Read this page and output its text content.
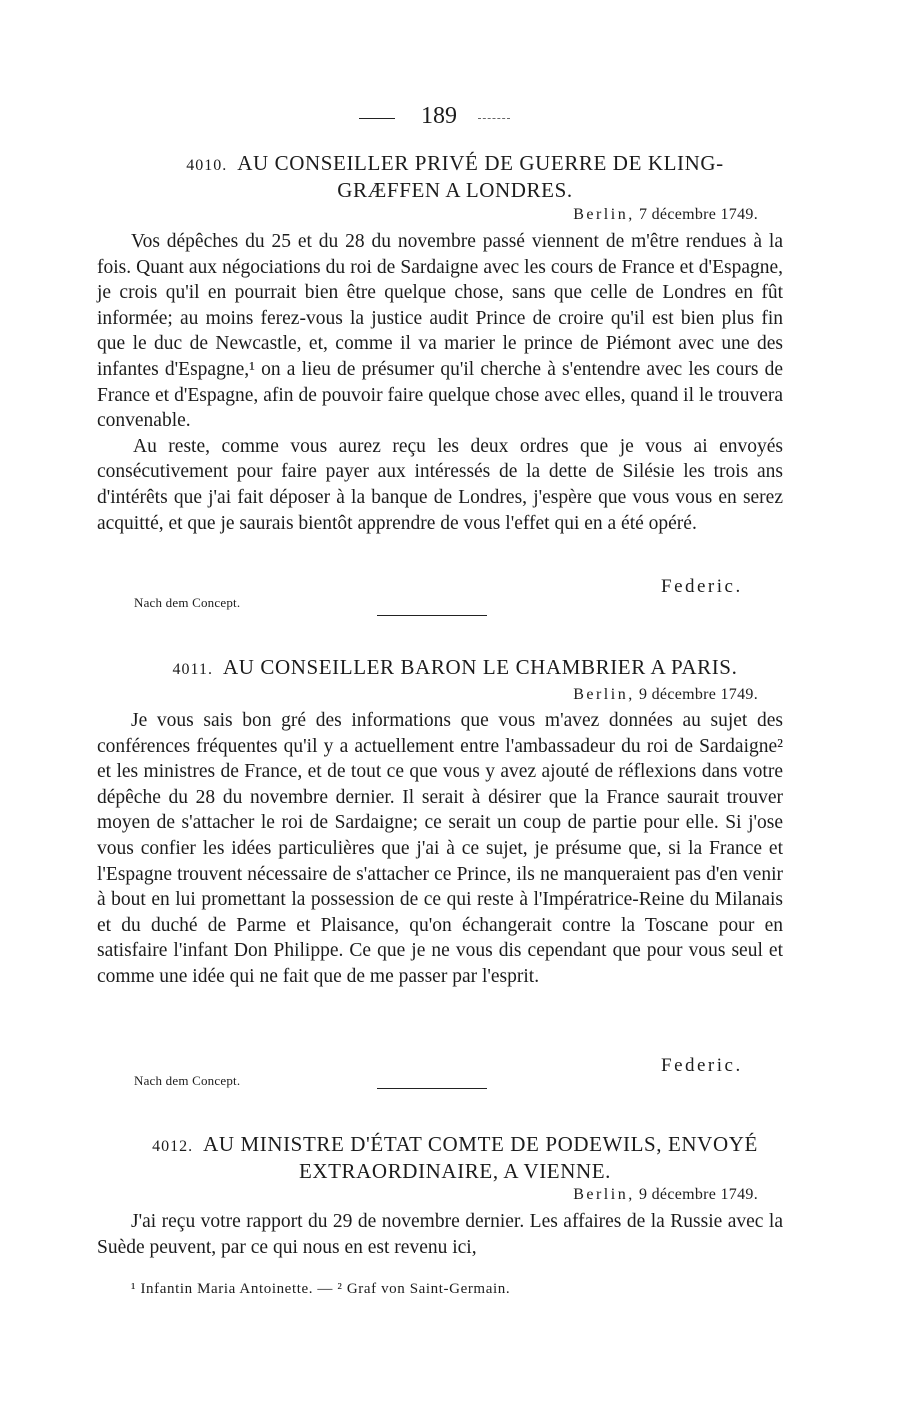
189
4010. AU CONSEILLER PRIVÉ DE GUERRE DE KLING-
GRÆFFEN A LONDRES.
Berlin, 7 décembre 1749.

Vos dépêches du 25 et du 28 du novembre passé viennent de m'être rendues à la fois. Quant aux négociations du roi de Sardaigne avec les cours de France et d'Espagne, je crois qu'il en pourrait bien être quelque chose, sans que celle de Londres en fût informée; au moins ferez-vous la justice audit Prince de croire qu'il est bien plus fin que le duc de Newcastle, et, comme il va marier le prince de Piémont avec une des infantes d'Espagne,¹ on a lieu de présumer qu'il cherche à s'entendre avec les cours de France et d'Espagne, afin de pouvoir faire quelque chose avec elles, quand il le trouvera convenable.

Au reste, comme vous aurez reçu les deux ordres que je vous ai envoyés consécutivement pour faire payer aux intéressés de la dette de Silésie les trois ans d'intérêts que j'ai fait déposer à la banque de Londres, j'espère que vous vous en serez acquitté, et que je saurais bientôt apprendre de vous l'effet qui en a été opéré.

Federic.
Nach dem Concept.
4011. AU CONSEILLER BARON LE CHAMBRIER A PARIS.
Berlin, 9 décembre 1749.

Je vous sais bon gré des informations que vous m'avez données au sujet des conférences fréquentes qu'il y a actuellement entre l'ambassadeur du roi de Sardaigne² et les ministres de France, et de tout ce que vous y avez ajouté de réflexions dans votre dépêche du 28 du novembre dernier. Il serait à désirer que la France saurait trouver moyen de s'attacher le roi de Sardaigne; ce serait un coup de partie pour elle. Si j'ose vous confier les idées particulières que j'ai à ce sujet, je présume que, si la France et l'Espagne trouvent nécessaire de s'attacher ce Prince, ils ne manqueraient pas d'en venir à bout en lui promettant la possession de ce qui reste à l'Impératrice-Reine du Milanais et du duché de Parme et Plaisance, qu'on échangerait contre la Toscane pour en satisfaire l'infant Don Philippe. Ce que je ne vous dis cependant que pour vous seul et comme une idée qui ne fait que de me passer par l'esprit.

Federic.
Nach dem Concept.
4012. AU MINISTRE D'ÉTAT COMTE DE PODEWILS, ENVOYÉ
EXTRAORDINAIRE, A VIENNE.
Berlin, 9 décembre 1749.

J'ai reçu votre rapport du 29 de novembre dernier. Les affaires de la Russie avec la Suède peuvent, par ce qui nous en est revenu ici,

¹ Infantin Maria Antoinette. — ² Graf von Saint-Germain.
